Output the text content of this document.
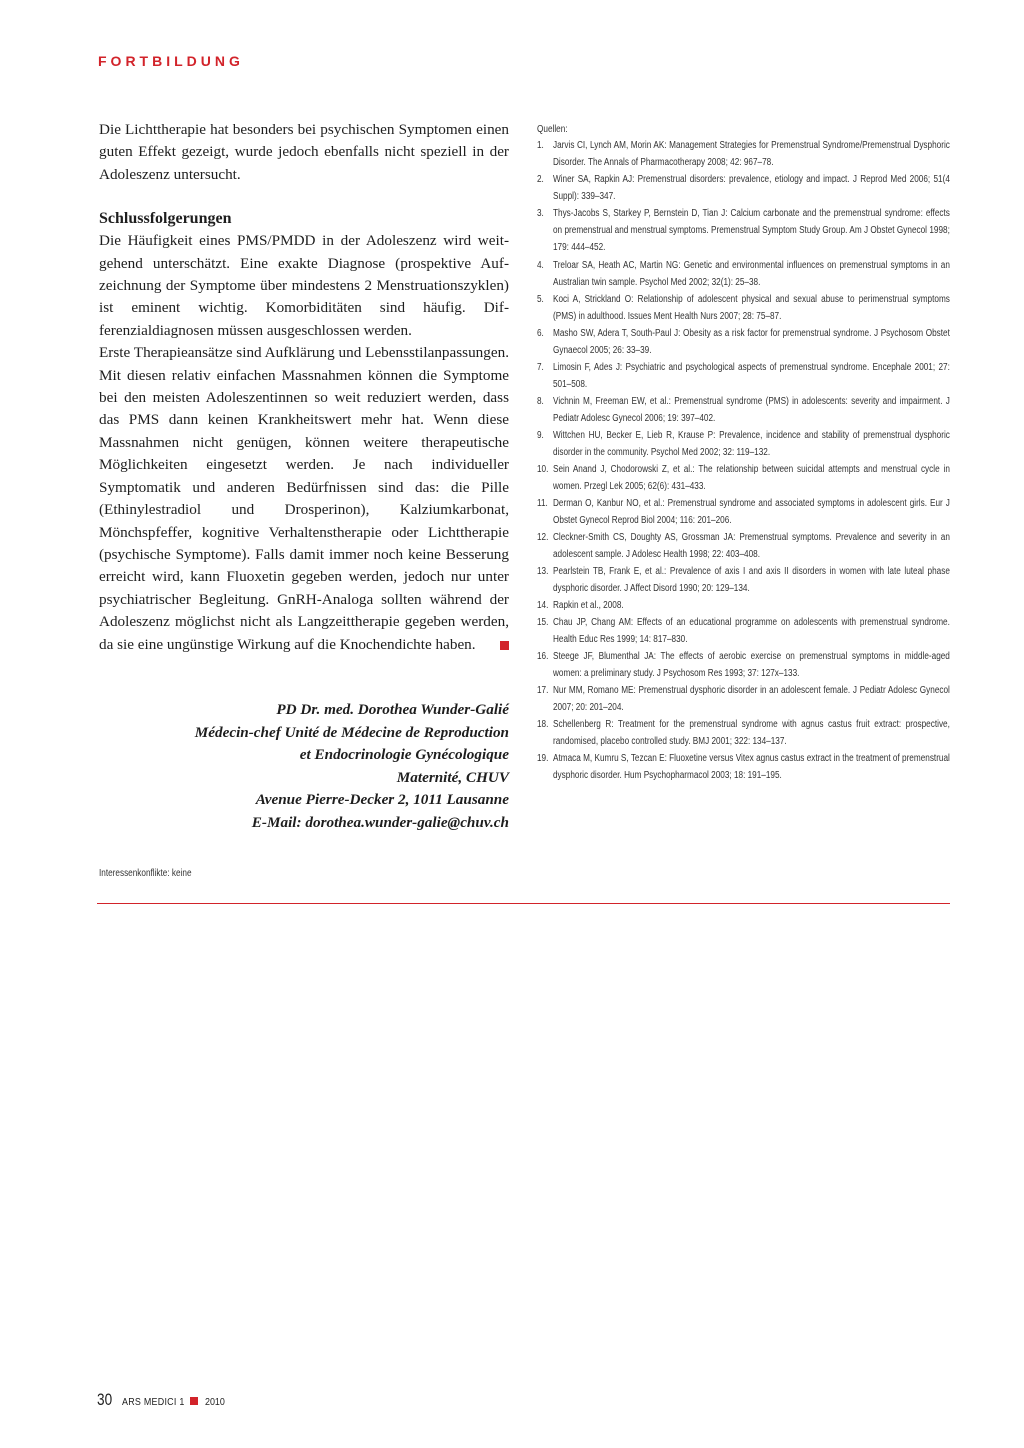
FORTBILDUNG

Die Lichttherapie hat besonders bei psychischen Symptomen einen guten Effekt gezeigt, wurde jedoch ebenfalls nicht speziell in der Adoleszenz untersucht.

Schlussfolgerungen

Die Häufigkeit eines PMS/PMDD in der Adoleszenz wird weitgehend unterschätzt. Eine exakte Diagnose (prospektive Aufzeichnung der Symptome über mindestens 2 Menstruationszyklen) ist eminent wichtig. Komorbiditäten sind häufig. Differenzialdiagnosen müssen ausgeschlossen werden.

Erste Therapieansätze sind Aufklärung und Lebensstilanpassungen. Mit diesen relativ einfachen Massnahmen können die Symptome bei den meisten Adoleszentinnen so weit reduziert werden, dass das PMS dann keinen Krankheitswert mehr hat. Wenn diese Massnahmen nicht genügen, können weitere therapeutische Möglichkeiten eingesetzt werden. Je nach individueller Symptomatik und anderen Bedürfnissen sind das: die Pille (Ethinylestradiol und Drosperinon), Kalziumkarbonat, Mönchspfeffer, kognitive Verhaltenstherapie oder Lichttherapie (psychische Symptome). Falls damit immer noch keine Besserung erreicht wird, kann Fluoxetin gegeben werden, jedoch nur unter psychiatrischer Begleitung. GnRH-Analoga sollten während der Adoleszenz möglichst nicht als Langzeittherapie gegeben werden, da sie eine ungünstige Wirkung auf die Knochendichte haben.

PD Dr. med. Dorothea Wunder-Galié
Médecin-chef Unité de Médecine de Reproduction
et Endocrinologie Gynécologique
Maternité, CHUV
Avenue Pierre-Decker 2, 1011 Lausanne
E-Mail: dorothea.wunder-galie@chuv.ch
Interessenkonflikte: keine
Quellen:
1. Jarvis CI, Lynch AM, Morin AK: Management Strategies for Premenstrual Syndrome/Premenstrual Dysphoric Disorder. The Annals of Pharmacotherapy 2008; 42: 967–78.
2. Winer SA, Rapkin AJ: Premenstrual disorders: prevalence, etiology and impact. J Reprod Med 2006; 51(4 Suppl): 339–347.
3. Thys-Jacobs S, Starkey P, Bernstein D, Tian J: Calcium carbonate and the premenstrual syndrome: effects on premenstrual and menstrual symptoms. Premenstrual Symptom Study Group. Am J Obstet Gynecol 1998; 179: 444–452.
4. Treloar SA, Heath AC, Martin NG: Genetic and environmental influences on premenstrual symptoms in an Australian twin sample. Psychol Med 2002; 32(1): 25–38.
5. Koci A, Strickland O: Relationship of adolescent physical and sexual abuse to perimenstrual symptoms (PMS) in adulthood. Issues Ment Health Nurs 2007; 28: 75–87.
6. Masho SW, Adera T, South-Paul J: Obesity as a risk factor for premenstrual syndrome. J Psychosom Obstet Gynaecol 2005; 26: 33–39.
7. Limosin F, Ades J: Psychiatric and psychological aspects of premenstrual syndrome. Encephale 2001; 27: 501–508.
8. Vichnin M, Freeman EW, et al.: Premenstrual syndrome (PMS) in adolescents: severity and impairment. J Pediatr Adolesc Gynecol 2006; 19: 397–402.
9. Wittchen HU, Becker E, Lieb R, Krause P: Prevalence, incidence and stability of premenstrual dysphoric disorder in the community. Psychol Med 2002; 32: 119–132.
10. Sein Anand J, Chodorowski Z, et al.: The relationship between suicidal attempts and menstrual cycle in women. Przegl Lek 2005; 62(6): 431–433.
11. Derman O, Kanbur NO, et al.: Premenstrual syndrome and associated symptoms in adolescent girls. Eur J Obstet Gynecol Reprod Biol 2004; 116: 201–206.
12. Cleckner-Smith CS, Doughty AS, Grossman JA: Premenstrual symptoms. Prevalence and severity in an adolescent sample. J Adolesc Health 1998; 22: 403–408.
13. Pearlstein TB, Frank E, et al.: Prevalence of axis I and axis II disorders in women with late luteal phase dysphoric disorder. J Affect Disord 1990; 20: 129–134.
14. Rapkin et al., 2008.
15. Chau JP, Chang AM: Effects of an educational programme on adolescents with premenstrual syndrome. Health Educ Res 1999; 14: 817–830.
16. Steege JF, Blumenthal JA: The effects of aerobic exercise on premenstrual symptoms in middle-aged women: a preliminary study. J Psychosom Res 1993; 37: 127x–133.
17. Nur MM, Romano ME: Premenstrual dysphoric disorder in an adolescent female. J Pediatr Adolesc Gynecol 2007; 20: 201–204.
18. Schellenberg R: Treatment for the premenstrual syndrome with agnus castus fruit extract: prospective, randomised, placebo controlled study. BMJ 2001; 322: 134–137.
19. Atmaca M, Kumru S, Tezcan E: Fluoxetine versus Vitex agnus castus extract in the treatment of premenstrual dysphoric disorder. Hum Psychopharmacol 2003; 18: 191–195.
30 ARS MEDICI 1 2010
